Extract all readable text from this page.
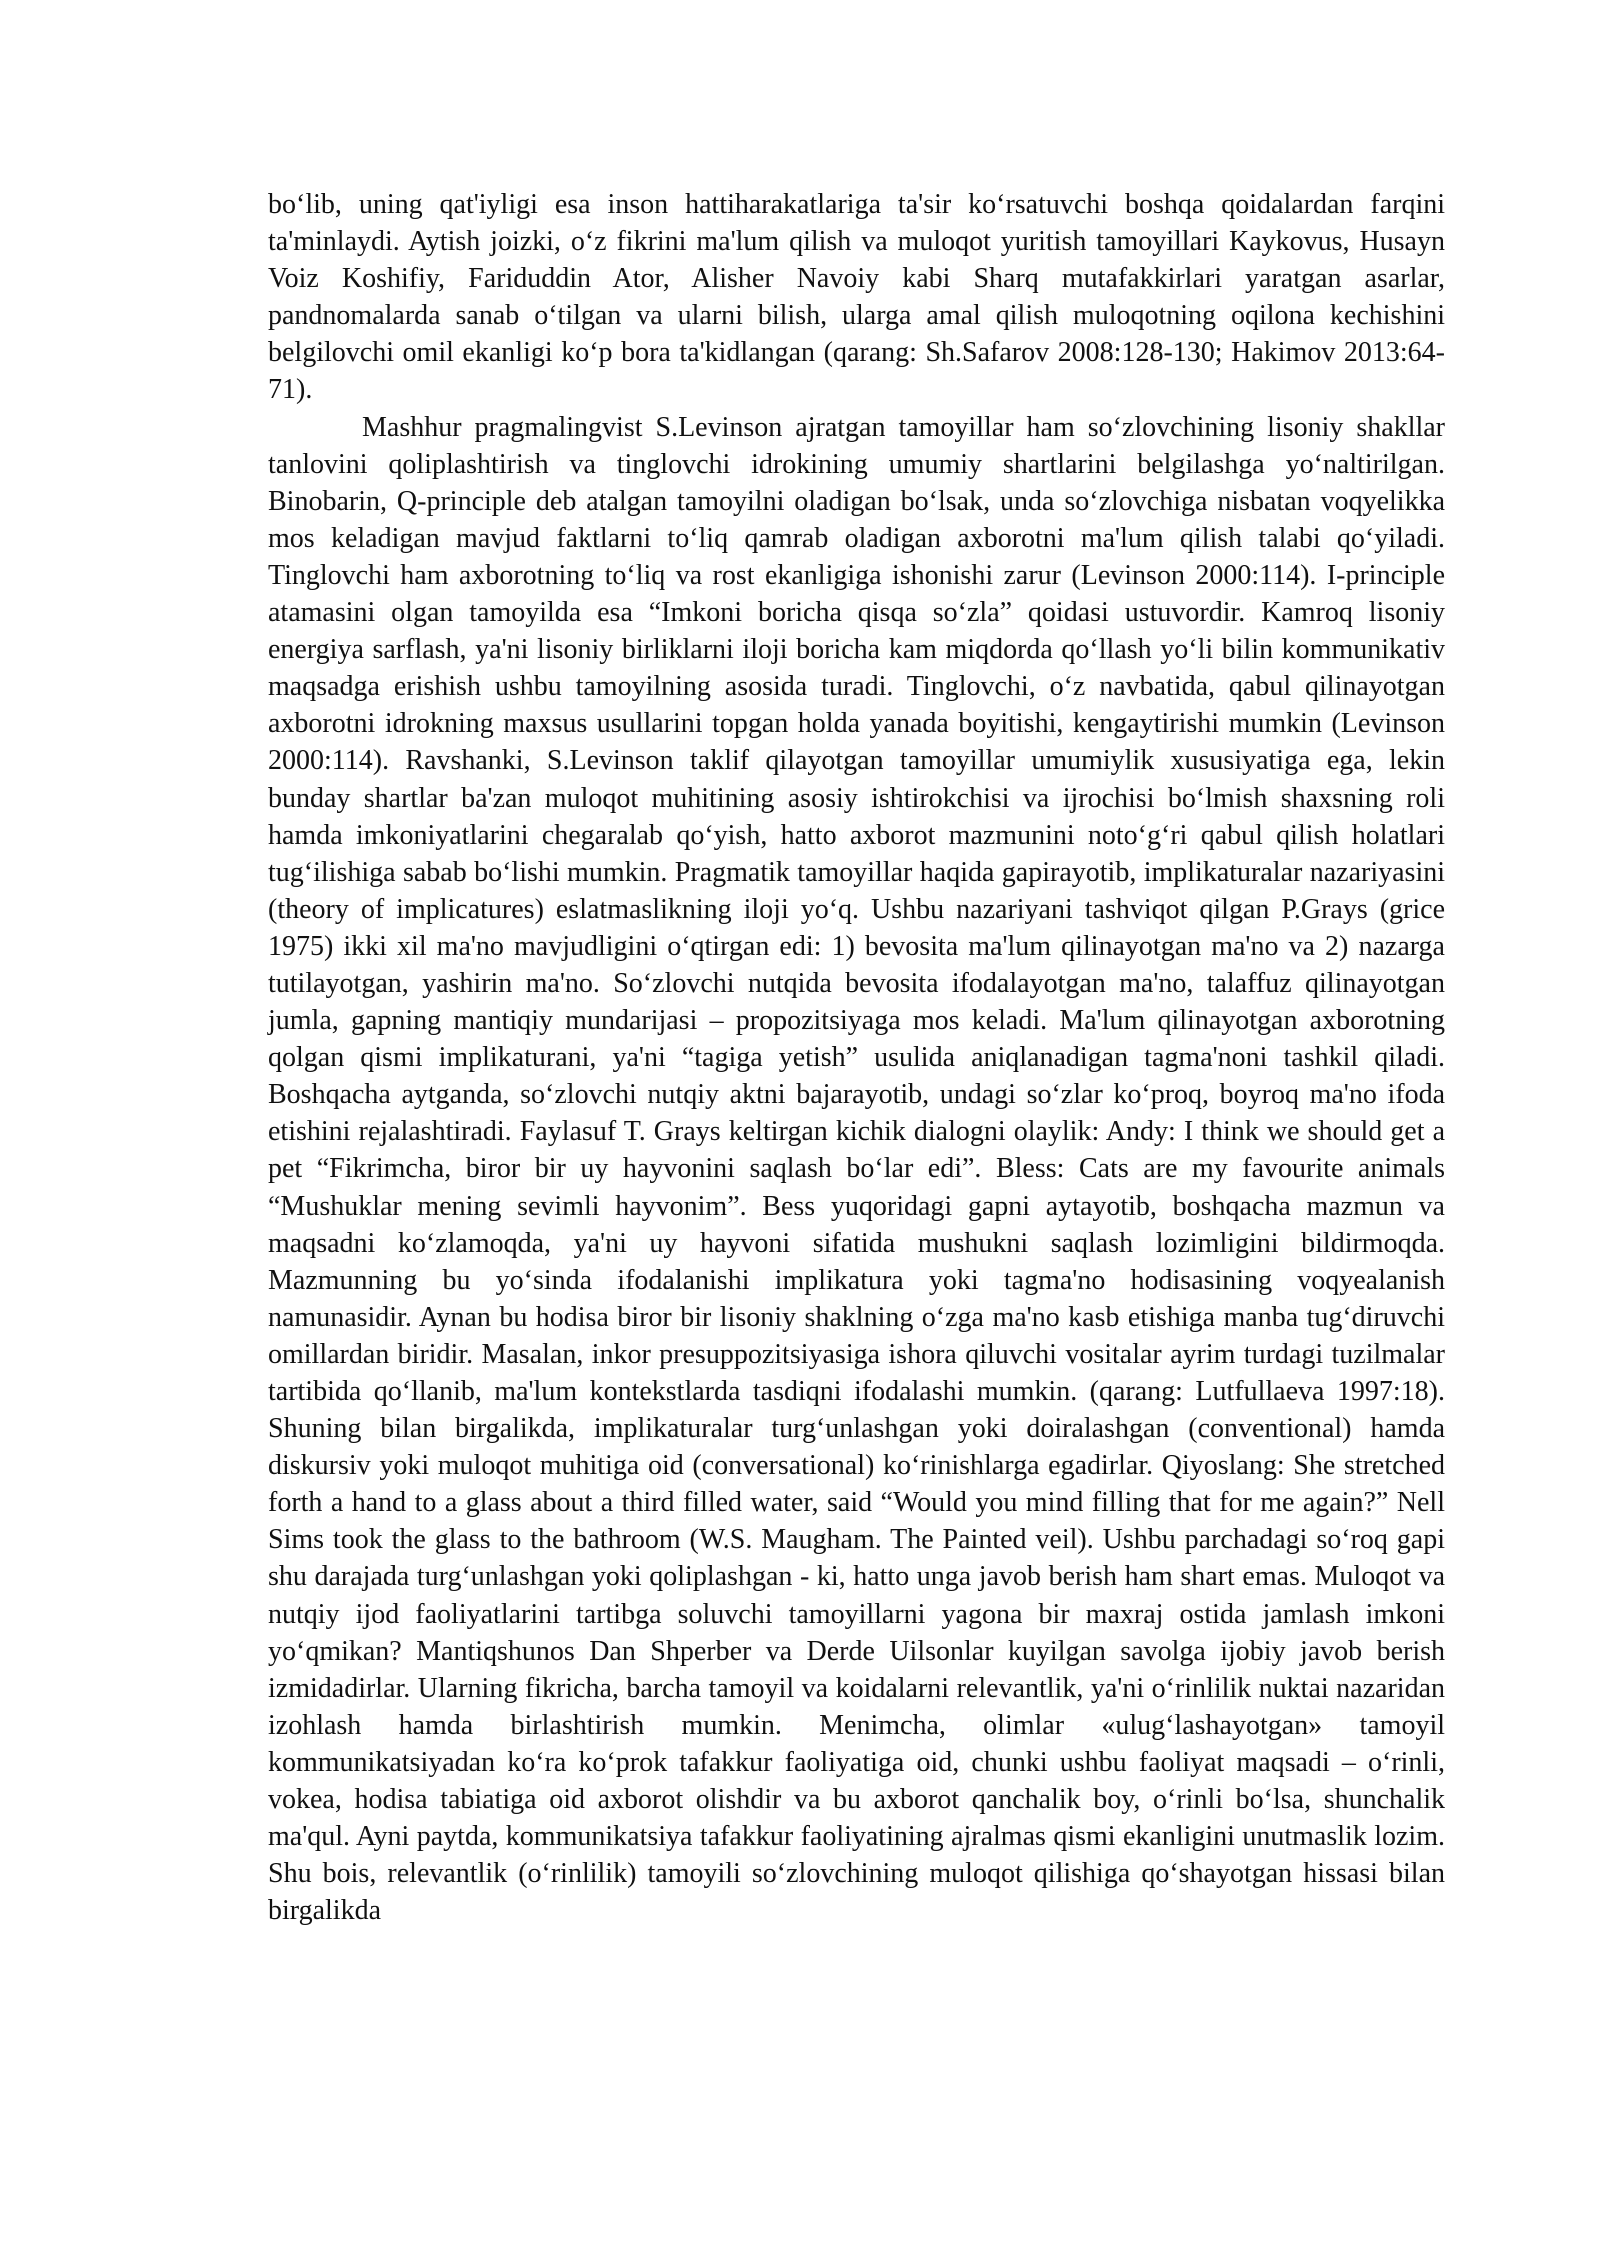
bo‘lib, uning qat'iyligi esa inson hattiharakatlariga ta'sir ko‘rsatuvchi boshqa qoidalardan farqini ta'minlaydi. Aytish joizki, o‘z fikrini ma'lum qilish va muloqot yuritish tamoyillari Kaykovus, Husayn Voiz Koshifiy, Fariduddin Ator, Alisher Navoiy kabi Sharq mutafakkirlari yaratgan asarlar, pandnomalarda sanab o‘tilgan va ularni bilish, ularga amal qilish muloqotning oqilona kechishini belgilovchi omil ekanligi ko‘p bora ta'kidlangan (qarang: Sh.Safarov 2008:128-130; Hakimov 2013:64-71).

Mashhur pragmalingvist S.Levinson ajratgan tamoyillar ham so‘zlovchining lisoniy shakllar tanlovini qoliplashtirish va tinglovchi idrokining umumiy shartlarini belgilashga yo‘naltirilgan. Binobarin, Q-principle deb atalgan tamoyilni oladigan bo‘lsak, unda so‘zlovchiga nisbatan voqyelikka mos keladigan mavjud faktlarni to‘liq qamrab oladigan axborotni ma'lum qilish talabi qo‘yiladi. Tinglovchi ham axborotning to‘liq va rost ekanligiga ishonishi zarur (Levinson 2000:114). I-principle atamasini olgan tamoyilda esa “Imkoni boricha qisqa so‘zla” qoidasi ustuvordir. Kamroq lisoniy energiya sarflash, ya'ni lisoniy birliklarni iloji boricha kam miqdorda qo‘llash yo‘li bilin kommunikativ maqsadga erishish ushbu tamoyilning asosida turadi. Tinglovchi, o‘z navbatida, qabul qilinayotgan axborotni idrokning maxsus usullarini topgan holda yanada boyitishi, kengaytirishi mumkin (Levinson 2000:114). Ravshanki, S.Levinson taklif qilayotgan tamoyillar umumiylik xususiyatiga ega, lekin bunday shartlar ba'zan muloqot muhitining asosiy ishtirokchisi va ijrochisi bo‘lmish shaxsning roli hamda imkoniyatlarini chegaralab qo‘yish, hatto axborot mazmunini noto‘g‘ri qabul qilish holatlari tug‘ilishiga sabab bo‘lishi mumkin. Pragmatik tamoyillar haqida gapirayotib, implikaturalar nazariyasini (theory of implicatures) eslatmaslikning iloji yo‘q. Ushbu nazariyani tashviqot qilgan P.Grays (grice 1975) ikki xil ma'no mavjudligini o‘qtirgan edi: 1) bevosita ma'lum qilinayotgan ma'no va 2) nazarga tutilayotgan, yashirin ma'no. So‘zlovchi nutqida bevosita ifodalayotgan ma'no, talaffuz qilinayotgan jumla, gapning mantiqiy mundarijasi – propozitsiyaga mos keladi. Ma'lum qilinayotgan axborotning qolgan qismi implikaturani, ya'ni “tagiga yetish” usulida aniqlanadigan tagma'noni tashkil qiladi. Boshqacha aytganda, so‘zlovchi nutqiy aktni bajarayotib, undagi so‘zlar ko‘proq, boyroq ma'no ifoda etishini rejalashtiradi. Faylasuf T. Grays keltirgan kichik dialogni olaylik: Andy: I think we should get a pet “Fikrimcha, biror bir uy hayvonini saqlash bo‘lar edi”. Bless: Cats are my favourite animals “Mushuklar mening sevimli hayvonim”. Bess yuqoridagi gapni aytayotib, boshqacha mazmun va maqsadni ko‘zlamoqda, ya'ni uy hayvoni sifatida mushukni saqlash lozimligini bildirmoqda. Mazmunning bu yo‘sinda ifodalanishi implikatura yoki tagma'no hodisasining voqyealanish namunasidir. Aynan bu hodisa biror bir lisoniy shaklning o‘zga ma'no kasb etishiga manba tug‘diruvchi omillardan biridir. Masalan, inkor presuppozitsiyasiga ishora qiluvchi vositalar ayrim turdagi tuzilmalar tartibida qo‘llanib, ma'lum kontekstlarda tasdiqni ifodalashi mumkin. (qarang: Lutfullaeva 1997:18). Shuning bilan birgalikda, implikaturalar turg‘unlashgan yoki doiralashgan (conventional) hamda diskursiv yoki muloqot muhitiga oid (conversational) ko‘rinishlarga egadirlar. Qiyoslang: She stretched forth a hand to a glass about a third filled water, said “Would you mind filling that for me again?” Nell Sims took the glass to the bathroom (W.S. Maugham. The Painted veil). Ushbu parchadagi so‘roq gapi shu darajada turg‘unlashgan yoki qoliplashgan - ki, hatto unga javob berish ham shart emas. Muloqot va nutqiy ijod faoliyatlarini tartibga soluvchi tamoyillarni yagona bir maxraj ostida jamlash imkoni yo‘qmikan? Mantiqshunos Dan Shperber va Derde Uilsonlar kuyilgan savolga ijobiy javob berish izmidadirlar. Ularning fikricha, barcha tamoyil va koidalarni relevantlik, ya'ni o‘rinlilik nuktai nazaridan izohlash hamda birlashtirish mumkin. Menimcha, olimlar «ulug‘lashayotgan» tamoyil kommunikatsiyadan ko‘ra ko‘prok tafakkur faoliyatiga oid, chunki ushbu faoliyat maqsadi – o‘rinli, vokea, hodisa tabiatiga oid axborot olishdir va bu axborot qanchalik boy, o‘rinli bo‘lsa, shunchalik ma'qul. Ayni paytda, kommunikatsiya tafakkur faoliyatining ajralmas qismi ekanligini unutmaslik lozim. Shu bois, relevantlik (o‘rinlilik) tamoyili so‘zlovchining muloqot qilishiga qo‘shayotgan hissasi bilan birgalikda
